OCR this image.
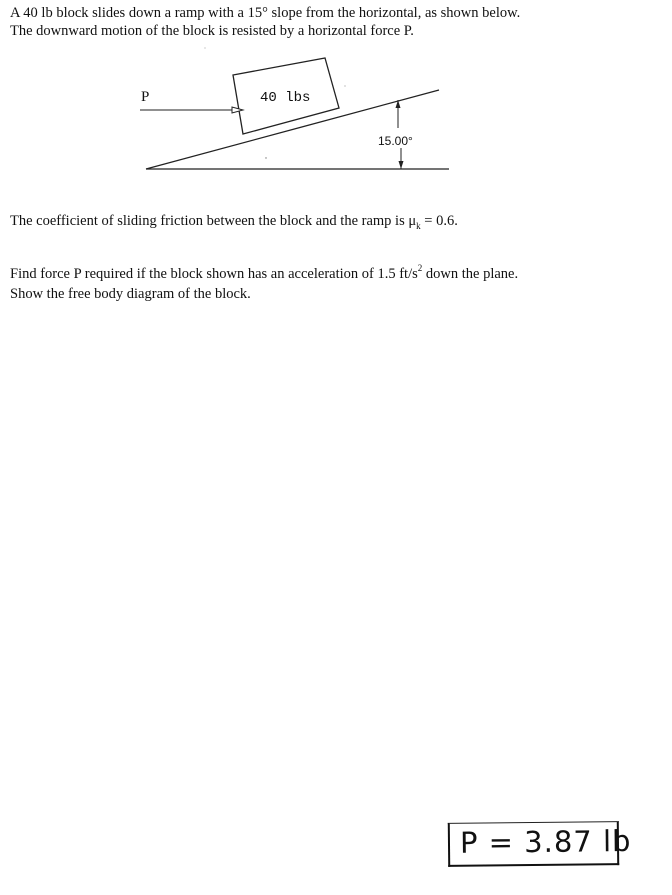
A 40 lb block slides down a ramp with a 15° slope from the horizontal, as shown below.
The downward motion of the block is resisted by a horizontal force P.
P	40 lbs
15.00°
The coefficient of sliding friction between the block and the ramp is $\mu_k = 0.6$.
Find force P required if the block shown has an acceleration of 1.5 $ft/s^2$ down the plane.
Show the free body diagram of the block.
P = 3.87 lb
